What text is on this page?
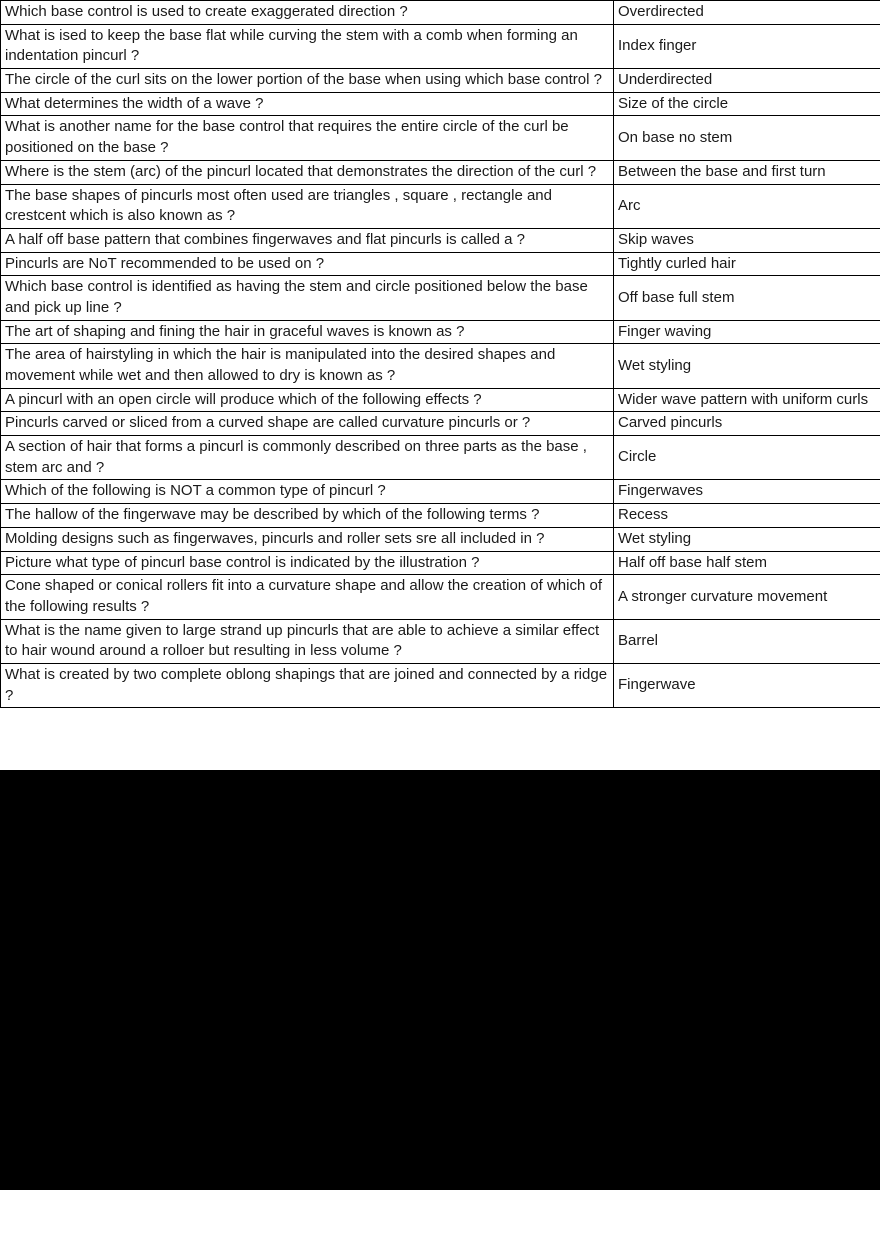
Which base control is used to create exaggerated direction ?	Overdirected
What is ised to keep the base flat while curving the stem with a comb when forming an indentation pincurl ?	Index finger
The circle of the curl sits on the lower portion of the base when using which base control ?	Underdirected
What determines the width of a wave ?	Size of the circle
What is another name for the base control that requires the entire circle of the curl be positioned on the base ?	On base no stem
Where is the stem (arc) of the pincurl located that demonstrates the direction of the curl ?	Between the base and first turn
The base shapes of pincurls most often used are triangles , square , rectangle and crestcent which is also known as ?	Arc
A half off base pattern that combines fingerwaves and flat pincurls is called a ?	Skip waves
Pincurls are NoT recommended to be used on ?	Tightly curled hair
Which base control is identified as having the stem and circle positioned below the base and pick up line ?	Off base full stem
The art of shaping and fining the hair in graceful waves is known as ?	Finger waving
The area of hairstyling in which the hair is manipulated into the desired shapes and movement while wet and then allowed to dry is known as ?	Wet styling
A pincurl with an open circle will produce which of the following effects ?	Wider wave pattern with uniform curls
Pincurls carved or sliced from a curved shape are called curvature pincurls or ?	Carved pincurls
A section of hair that forms a pincurl is commonly described on three parts as the base , stem arc and ?	Circle
Which of the following is NOT a common type of pincurl ?	Fingerwaves
The hallow of the fingerwave may be described by which of the following terms ?	Recess
Molding designs such as fingerwaves, pincurls and roller sets sre all included in ?	Wet styling
Picture what type of pincurl base control is indicated by the illustration ?	Half off base half stem
Cone shaped or conical rollers fit into a curvature shape and allow the creation of which of the following results ?	A stronger curvature movement
What is the name given to large strand up pincurls that are able to achieve a similar effect to hair wound around a rolloer but resulting in less volume ?	Barrel
What is created by two complete oblong shapings that are joined and connected by a ridge ?	Fingerwave
